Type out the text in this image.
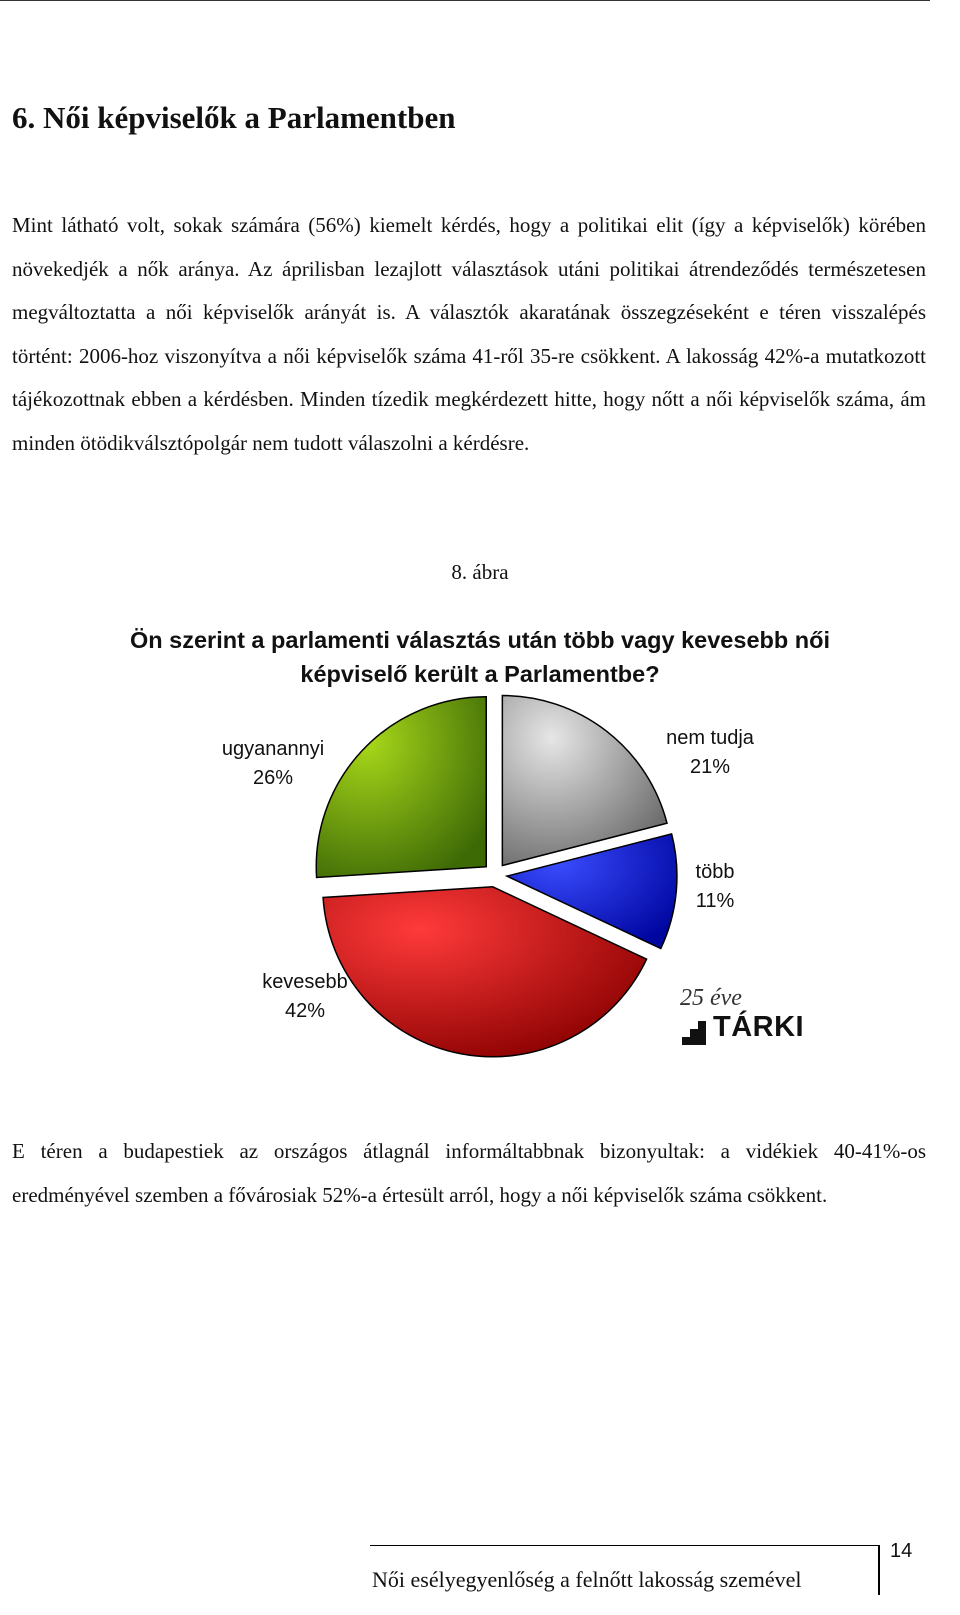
6. Női képviselők a Parlamentben

Mint látható volt, sokak számára (56%) kiemelt kérdés, hogy a politikai elit (így a képviselők) körében növekedjék a nők aránya. Az áprilisban lezajlott választások utáni politikai átrendeződés természetesen megváltoztatta a női képviselők arányát is. A választók akaratának összegzéseként e téren visszalépés történt: 2006-hoz viszonyítva a női képviselők száma 41-ről 35-re csökkent. A lakosság 42%-a mutatkozott tájékozottnak ebben a kérdésben. Minden tízedik megkérdezett hitte, hogy nőtt a női képviselők száma, ám minden ötödikválsztópolgár nem tudott válaszolni a kérdésre.

8. ábra
Ön szerint a parlamenti választás után több vagy kevesebb női képviselő került a Parlamentbe?
nem tudja
21%
több
11%
kevesebb
42%
ugyanannyi
26%
25 éve
TÁRKI

E téren a budapestiek az országos átlagnál informáltabbnak bizonyultak: a vidékiek 40-41%-os eredményével szemben a fővárosiak 52%-a értesült arról, hogy a női képviselők száma csökkent.

Női esélyegyenlőség a felnőtt lakosság szemével
14
